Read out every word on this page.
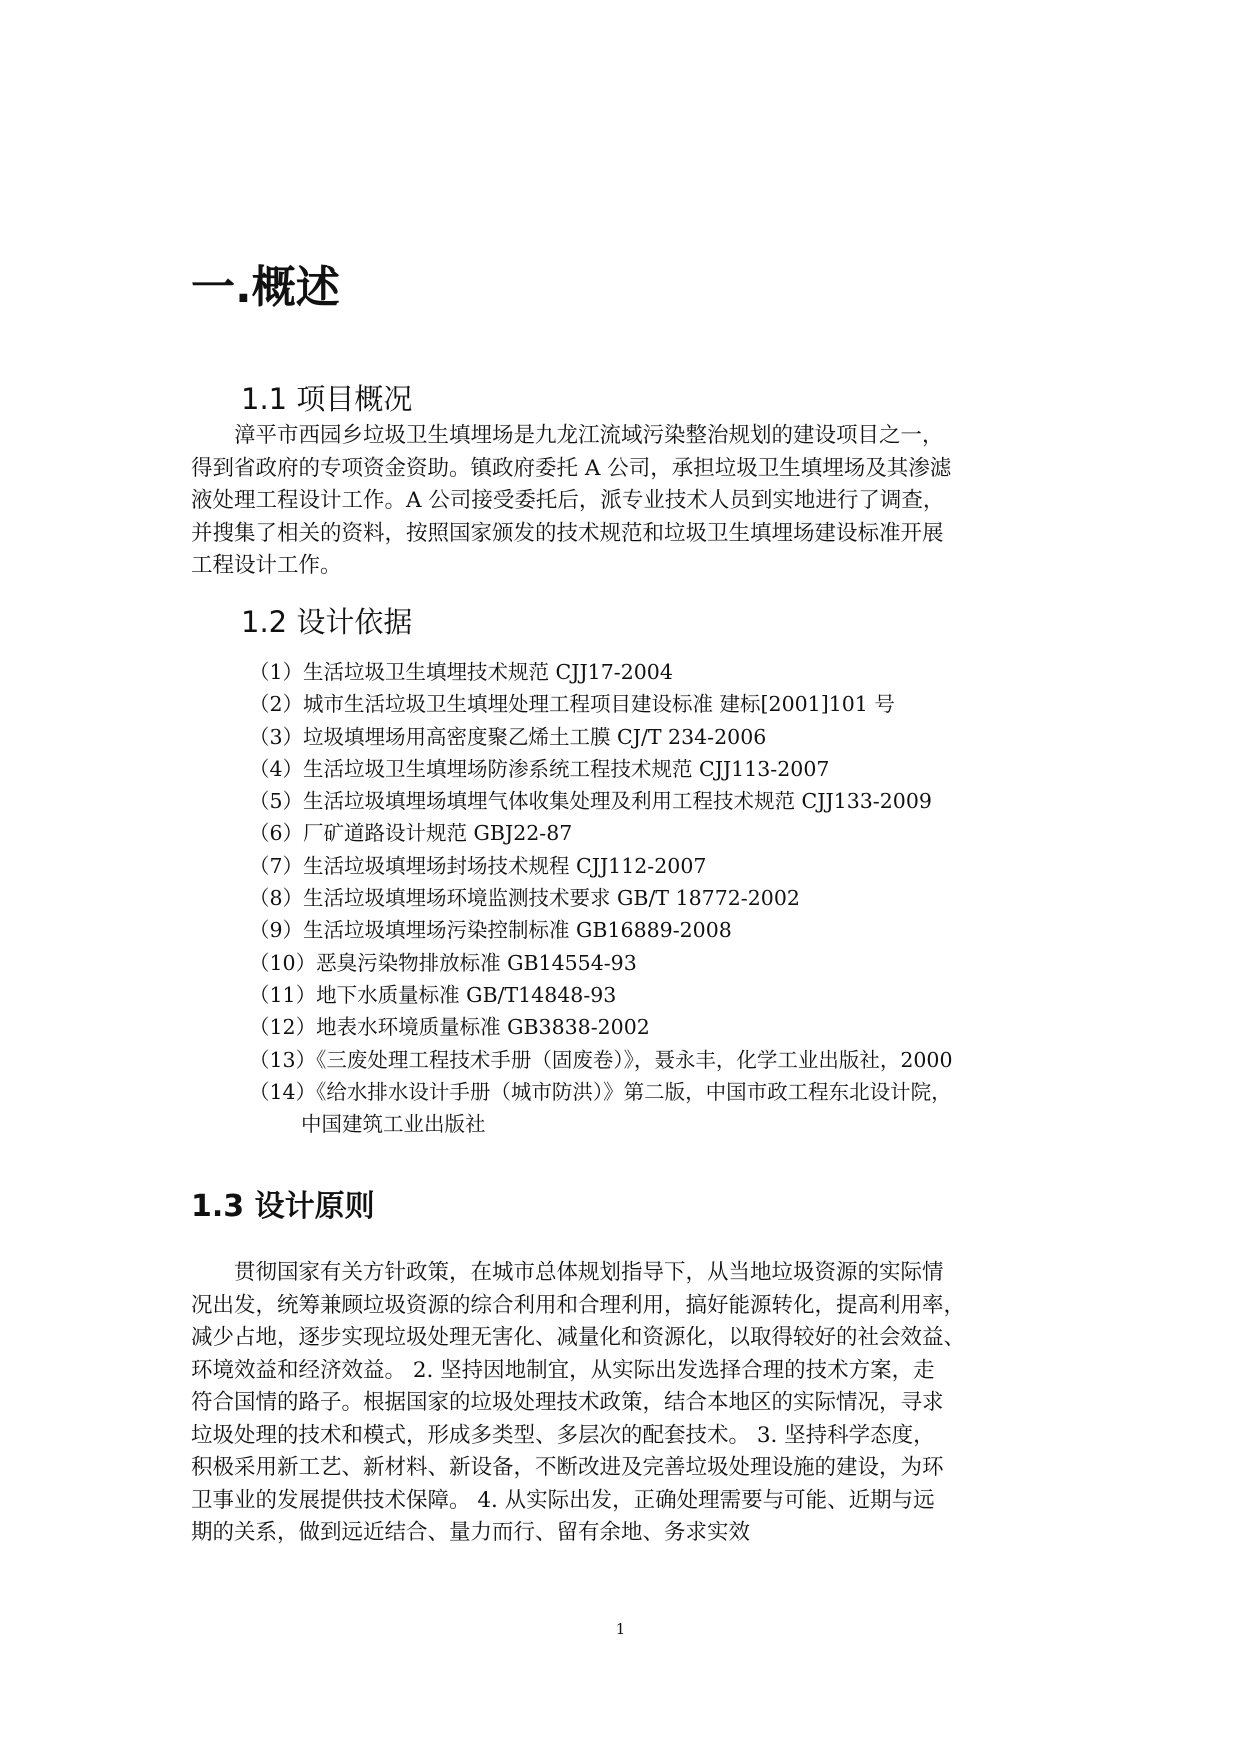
一.概述
1.1 项目概况
漳平市西园乡垃圾卫生填埋场是九龙江流域污染整治规划的建设项目之一，
得到省政府的专项资金资助。镇政府委托 A 公司，承担垃圾卫生填埋场及其渗滤
液处理工程设计工作。A 公司接受委托后，派专业技术人员到实地进行了调查，
并搜集了相关的资料，按照国家颁发的技术规范和垃圾卫生填埋场建设标准开展
工程设计工作。
1.2 设计依据
（1）生活垃圾卫生填埋技术规范 CJJ17-2004
（2）城市生活垃圾卫生填埋处理工程项目建设标准 建标[2001]101 号
（3）垃圾填埋场用高密度聚乙烯土工膜 CJ/T 234-2006
（4）生活垃圾卫生填埋场防渗系统工程技术规范 CJJ113-2007
（5）生活垃圾填埋场填埋气体收集处理及利用工程技术规范 CJJ133-2009
（6）厂矿道路设计规范 GBJ22-87
（7）生活垃圾填埋场封场技术规程 CJJ112-2007
（8）生活垃圾填埋场环境监测技术要求 GB/T 18772-2002
（9）生活垃圾填埋场污染控制标准 GB16889-2008
（10）恶臭污染物排放标准 GB14554-93
（11）地下水质量标准 GB/T14848-93
（12）地表水环境质量标准 GB3838-2002
（13）《三废处理工程技术手册（固废卷）》，聂永丰，化学工业出版社，2000
（14）《给水排水设计手册（城市防洪）》第二版，中国市政工程东北设计院，
中国建筑工业出版社
1.3 设计原则
贯彻国家有关方针政策，在城市总体规划指导下，从当地垃圾资源的实际情
况出发，统筹兼顾垃圾资源的综合利用和合理利用，搞好能源转化，提高利用率，
减少占地，逐步实现垃圾处理无害化、减量化和资源化，以取得较好的社会效益、
环境效益和经济效益。 2. 坚持因地制宜，从实际出发选择合理的技术方案，走
符合国情的路子。根据国家的垃圾处理技术政策，结合本地区的实际情况，寻求
垃圾处理的技术和模式，形成多类型、多层次的配套技术。 3. 坚持科学态度，
积极采用新工艺、新材料、新设备，不断改进及完善垃圾处理设施的建设，为环
卫事业的发展提供技术保障。 4. 从实际出发，正确处理需要与可能、近期与远
期的关系，做到远近结合、量力而行、留有余地、务求实效
1
